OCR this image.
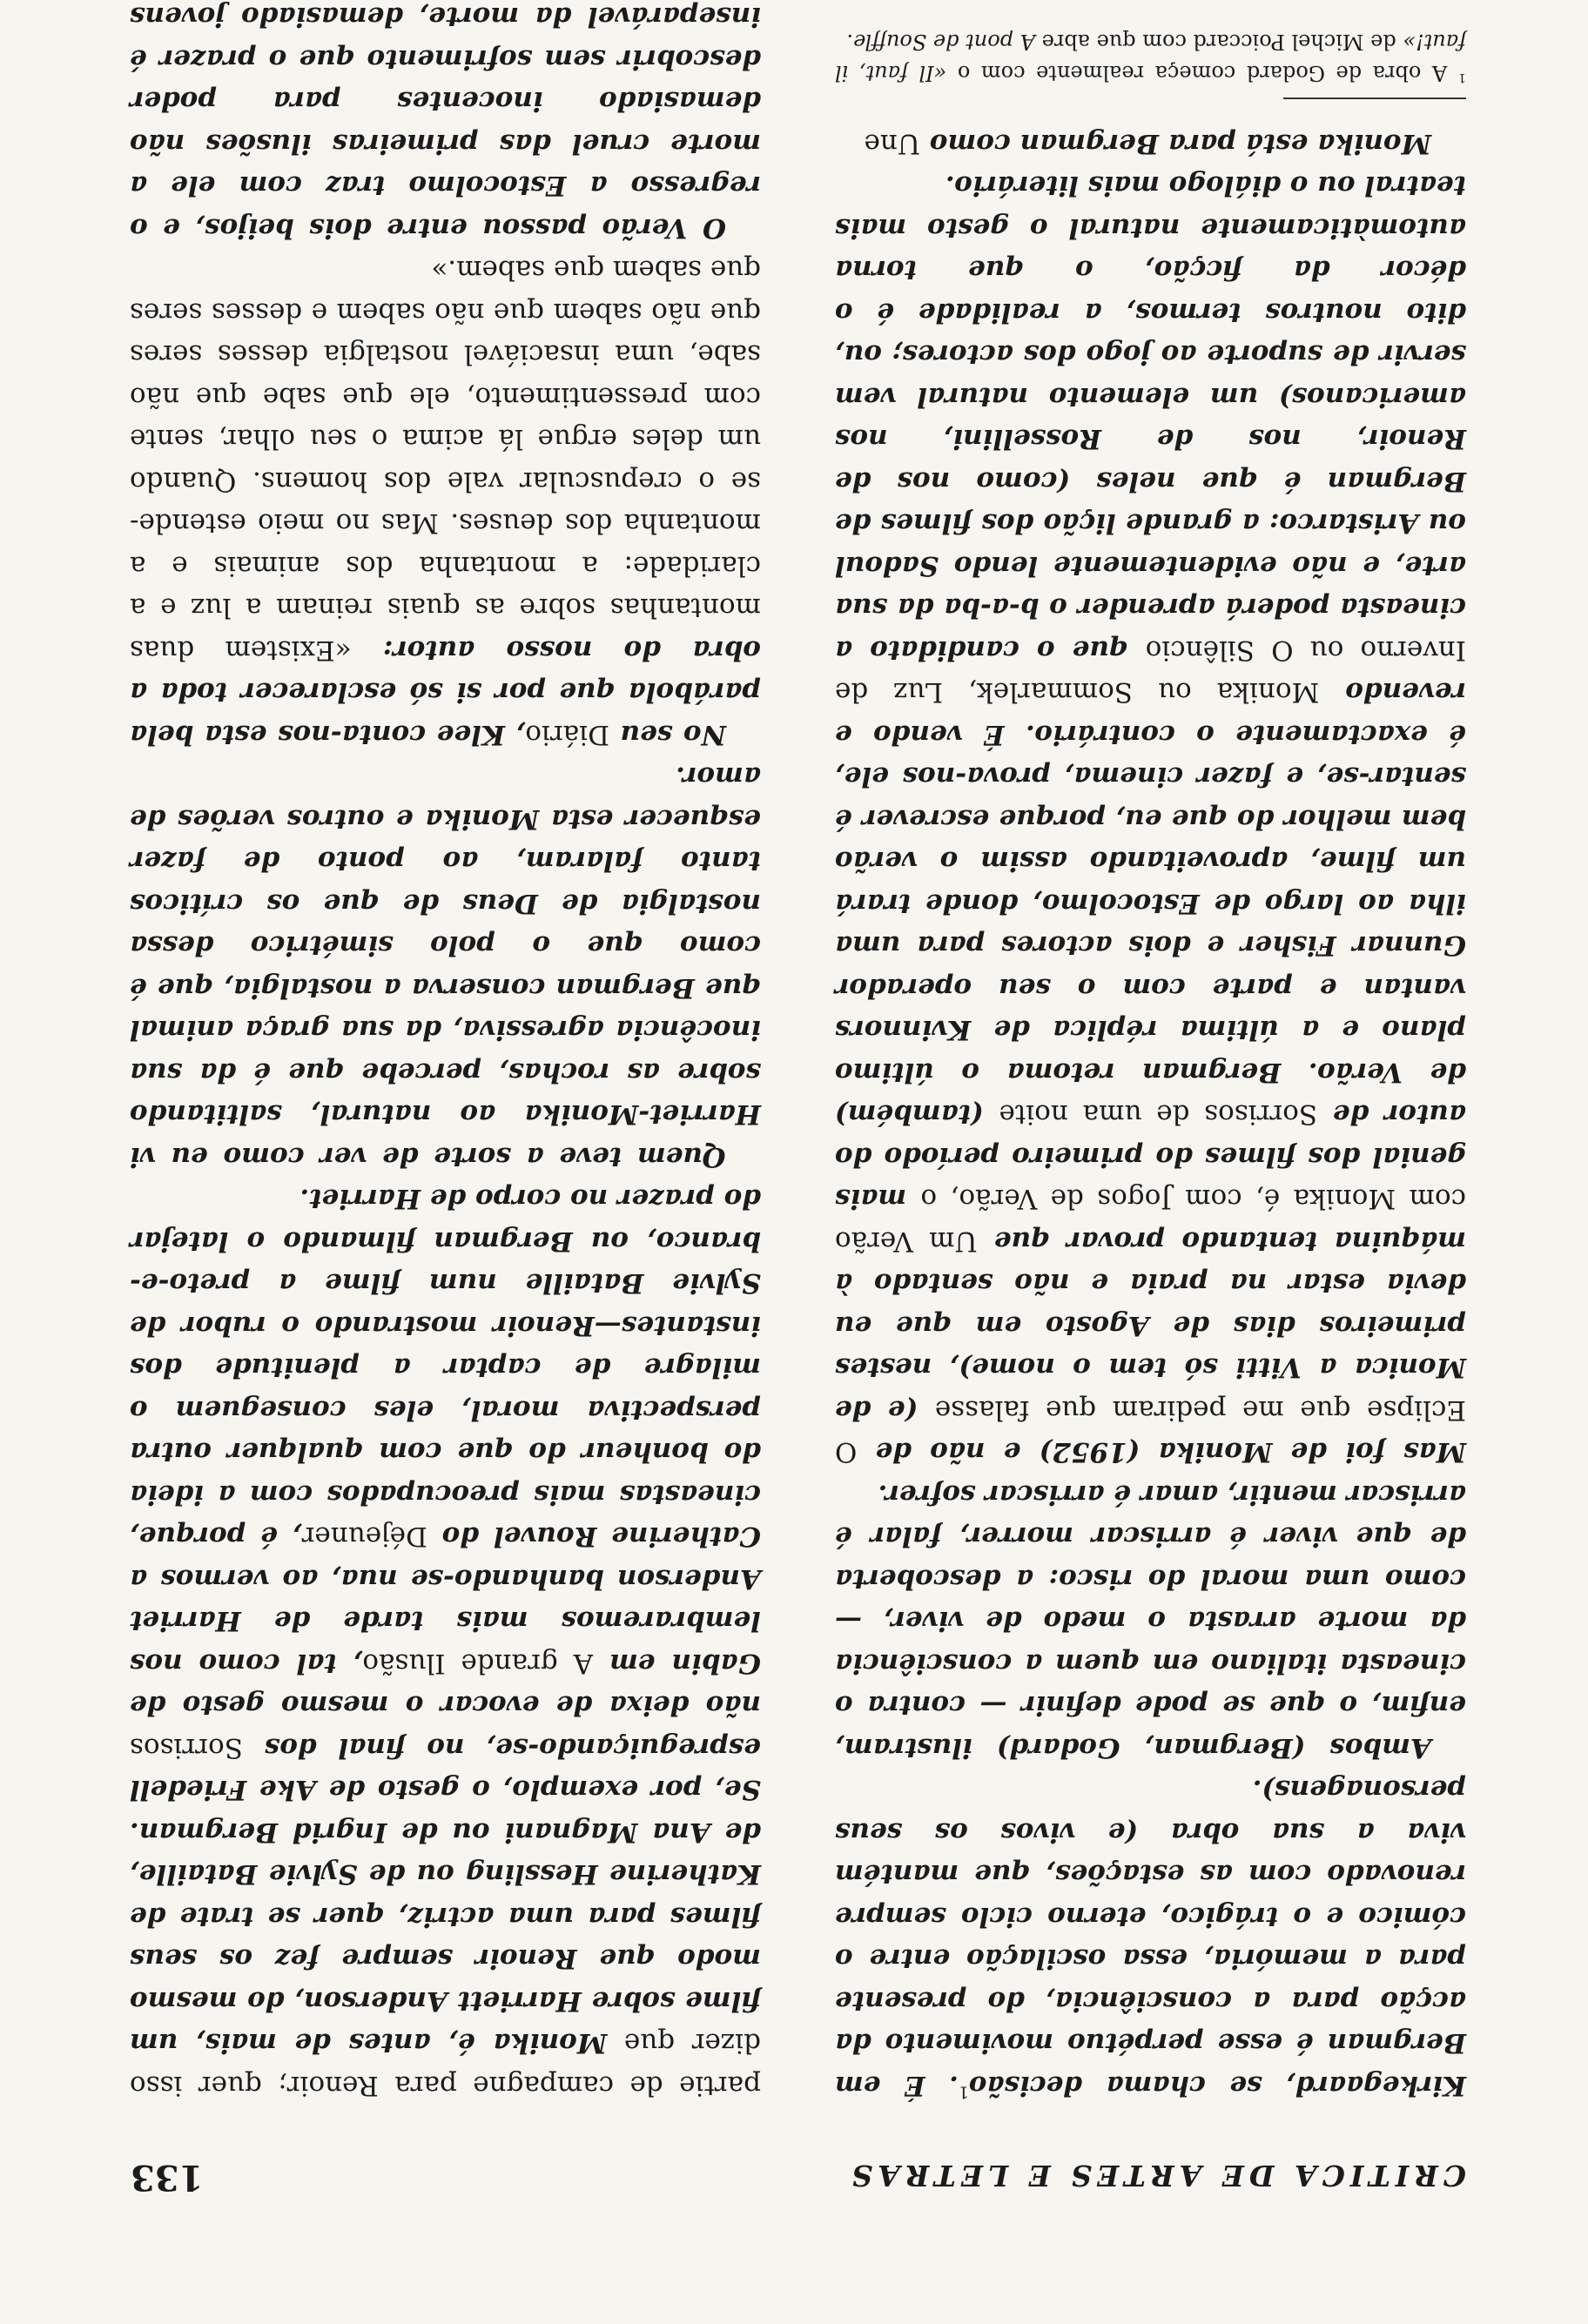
CRITICA DE ARTES E LETRAS
133

Kirkegaard, se chama decisão$^1$. É em Bergman é esse perpétuo movimento da acção para a consciência, do presente para a memória, essa oscilação entre o cómico e o trágico, eterno ciclo sempre renovado com as estações, que mantém viva a sua obra (e vivos os seus personagens).

Ambos (Bergman, Godard) ilustram, enfim, o que se pode definir — contra o cineasta italiano em quem a consciência da morte arrasta o medo de viver, — como uma moral do risco: a descoberta de que viver é arriscar morrer, falar é arriscar mentir, amar é arriscar sofrer.

Mas foi de Monika (1952) e não de O Eclipse que me pediram que falasse (e de Monica a Vitti só tem o nome), nestes primeiros dias de Agosto em que eu devia estar na praia e não sentado à máquina tentando provar que Um Verão com Monika é, com Jogos de Verão, o mais genial dos filmes do primeiro período do autor de Sorrisos de uma noite (também) de Verão. Bergman retoma o último plano e a última réplica de Kvinnors vantan e parte com o seu operador Gunnar Fisher e dois actores para uma ilha ao largo de Estocolmo, donde trará um filme, aproveitando assim o verão bem melhor do que eu, porque escrever é sentar-se, e fazer cinema, prova-nos ele, é exactamente o contrário. É vendo e revendo Monika ou Sommarlek, Luz de Inverno ou O Silêncio que o candidato a cineasta poderá aprender o b-a-ba da sua arte, e não evidentemente lendo Sadoul ou Aristarco: a grande lição dos filmes de Bergman é que neles (como nos de Renoir, nos de Rossellini, nos americanos) um elemento natural vem servir de suporte ao jogo dos actores; ou, dito noutros termos, a realidade é o décor da ficção, o que torna automàticamente natural o gesto mais teatral ou o diálogo mais literário.

Monika está para Bergman como Une

$^1$ A obra de Godard começa realmente com o «Il faut, il faut!» de Michel Poiccard com que abre A pont de Souffle.

partie de campagne para Renoir; quer isso dizer que Monika é, antes de mais, um filme sobre Harriett Anderson, do mesmo modo que Renoir sempre fez os seus filmes para uma actriz, quer se trate de Katherine Hessling ou de Sylvie Bataille, de Ana Magnani ou de Ingrid Bergman. Se, por exemplo, o gesto de Ake Friedell espreguiçando-se, no final dos Sorrisos não deixa de evocar o mesmo gesto de Gabin em A grande Ilusão, tal como nos lembraremos mais tarde de Harriet Anderson banhando-se nua, ao vermos a Catherine Rouvel do Déjeuner, é porque, cineastas mais preocupados com a ideia do bonheur do que com qualquer outra perspectiva moral, eles conseguem o milagre de captar a plenitude dos instantes—Renoir mostrando o rubor de Sylvie Bataille num filme a preto-e-branco, ou Bergman filmando o latejar do prazer no corpo de Harriet.

Quem teve a sorte de ver como eu vi Harriet-Monika ao natural, saltitando sobre as rochas, percebe que é da sua inocência agressiva, da sua graça animal que Bergman conserva a nostalgia, que é como que o polo simétrico dessa nostalgia de Deus de que os críticos tanto falaram, ao ponto de fazer esquecer esta Monika e outros verões de amor.

No seu Diário, Klee conta-nos esta bela parábola que por si só esclarecer toda a obra do nosso autor: «Existem duas montanhas sobre as quais reinam a luz e a claridade: a montanha dos animais e a montanha dos deuses. Mas no meio estende-se o crepuscular vale dos homens. Quando um deles ergue lá acima o seu olhar, sente com pressentimento, ele que sabe que não sabe, uma insaciável nostalgia desses seres que não sabem que não sabem e desses seres que sabem que sabem.»

O Verão passou entre dois beijos, e o regresso a Estocolmo traz com ele a morte cruel das primeiras ilusões não demasiado inocentes para poder descobrir sem sofrimento que o prazer é inseparável da morte, demasiado jovens
